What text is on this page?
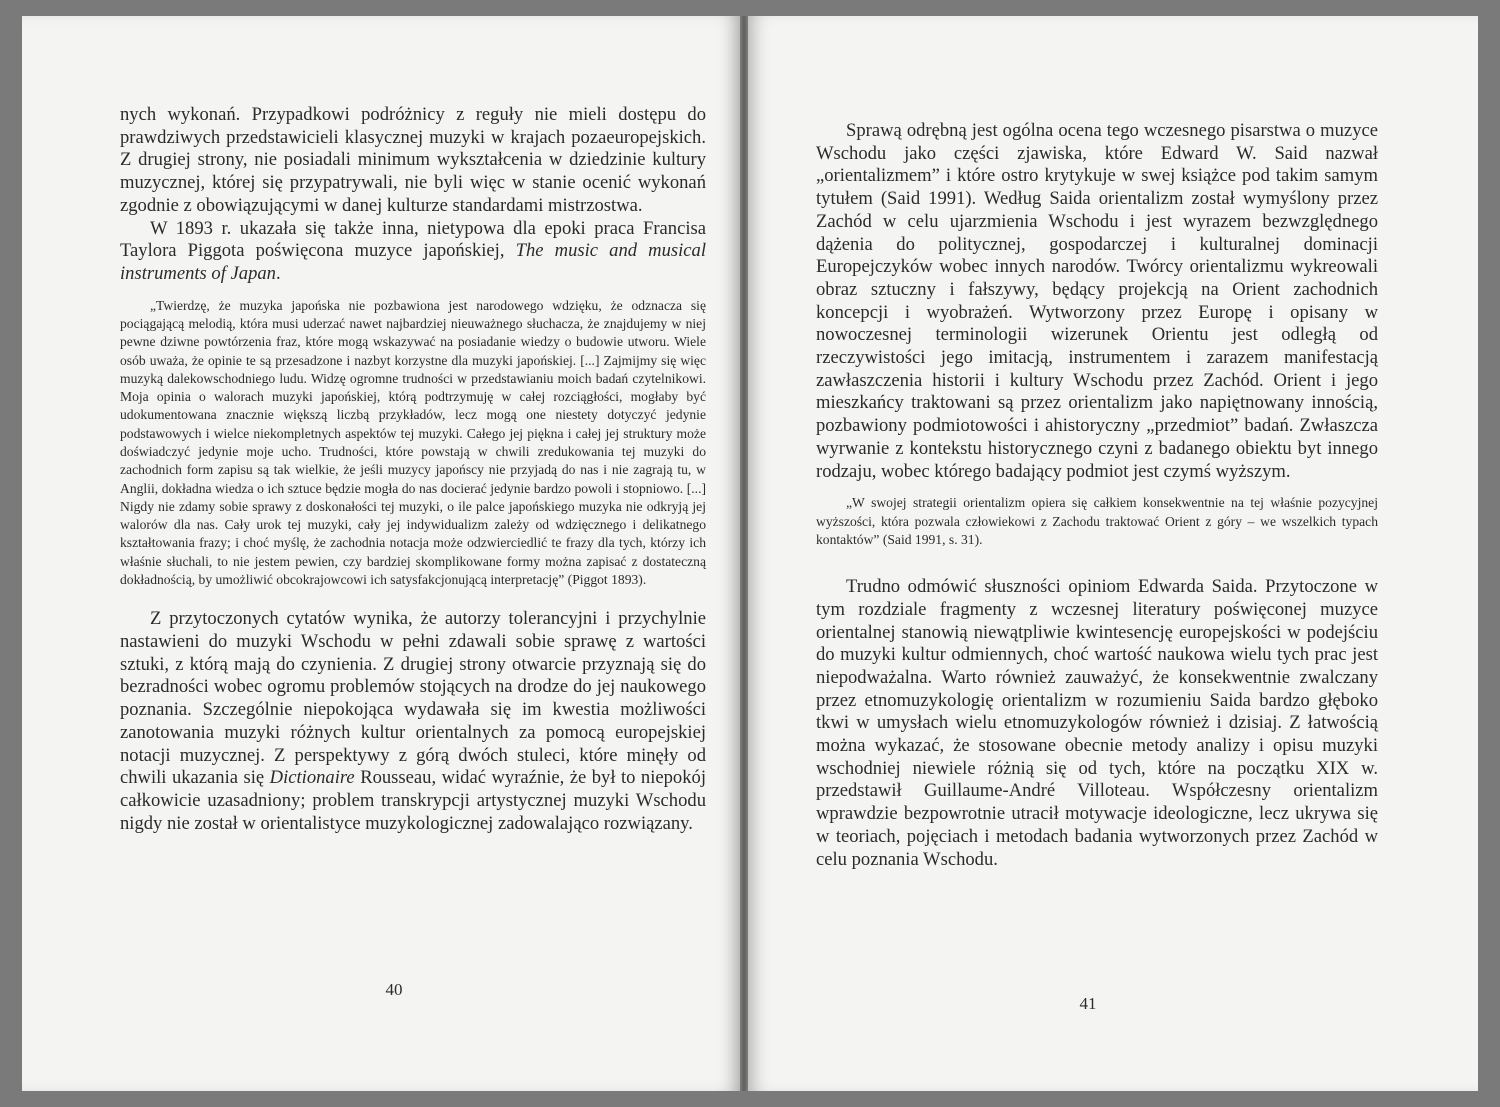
nych wykonań. Przypadkowi podróżnicy z reguły nie mieli dostępu do prawdziwych przedstawicieli klasycznej muzyki w krajach pozaeuropejskich. Z drugiej strony, nie posiadali minimum wykształcenia w dziedzinie kultury muzycznej, której się przypatrywali, nie byli więc w stanie ocenić wykonań zgodnie z obowiązującymi w danej kulturze standardami mistrzostwa.

W 1893 r. ukazała się także inna, nietypowa dla epoki praca Francisa Taylora Piggota poświęcona muzyce japońskiej, The music and musical instruments of Japan.

„Twierdzę, że muzyka japońska nie pozbawiona jest narodowego wdzięku, że odznacza się pociągającą melodią, która musi uderzać nawet najbardziej nieuważnego słuchacza, że znajdujemy w niej pewne dziwne powtórzenia fraz, które mogą wskazywać na posiadanie wiedzy o budowie utworu. Wiele osób uważa, że opinie te są przesadzone i nazbyt korzystne dla muzyki japońskiej. [...] Zajmijmy się więc muzyką dalekowschodniego ludu. Widzę ogromne trudności w przedstawianiu moich badań czytelnikowi. Moja opinia o walorach muzyki japońskiej, którą podtrzymuję w całej rozciągłości, mogłaby być udokumentowana znacznie większą liczbą przykładów, lecz mogą one niestety dotyczyć jedynie podstawowych i wielce niekompletnych aspektów tej muzyki. Całego jej piękna i całej jej struktury może doświadczyć jedynie moje ucho. Trudności, które powstają w chwili zredukowania tej muzyki do zachodnich form zapisu są tak wielkie, że jeśli muzycy japońscy nie przyjadą do nas i nie zagrają tu, w Anglii, dokładna wiedza o ich sztuce będzie mogła do nas docierać jedynie bardzo powoli i stopniowo. [...] Nigdy nie zdamy sobie sprawy z doskonałości tej muzyki, o ile palce japońskiego muzyka nie odkryją jej walorów dla nas. Cały urok tej muzyki, cały jej indywidualizm zależy od wdzięcznego i delikatnego kształtowania frazy; i choć myślę, że zachodnia notacja może odzwierciedlić te frazy dla tych, którzy ich właśnie słuchali, to nie jestem pewien, czy bardziej skomplikowane formy można zapisać z dostateczną dokładnością, by umożliwić obcokrajowcowi ich satysfakcjonującą interpretację” (Piggot 1893).

Z przytoczonych cytatów wynika, że autorzy tolerancyjni i przychylnie nastawieni do muzyki Wschodu w pełni zdawali sobie sprawę z wartości sztuki, z którą mają do czynienia. Z drugiej strony otwarcie przyznają się do bezradności wobec ogromu problemów stojących na drodze do jej naukowego poznania. Szczególnie niepokojąca wydawała się im kwestia możliwości zanotowania muzyki różnych kultur orientalnych za pomocą europejskiej notacji muzycznej. Z perspektywy z górą dwóch stuleci, które minęły od chwili ukazania się Dictionaire Rousseau, widać wyraźnie, że był to niepokój całkowicie uzasadniony; problem transkrypcji artystycznej muzyki Wschodu nigdy nie został w orientalistyce muzykologicznej zadowalająco rozwiązany.

40

Sprawą odrębną jest ogólna ocena tego wczesnego pisarstwa o muzyce Wschodu jako części zjawiska, które Edward W. Said nazwał „orientalizmem” i które ostro krytykuje w swej książce pod takim samym tytułem (Said 1991). Według Saida orientalizm został wymyślony przez Zachód w celu ujarzmienia Wschodu i jest wyrazem bezwzględnego dążenia do politycznej, gospodarczej i kulturalnej dominacji Europejczyków wobec innych narodów. Twórcy orientalizmu wykreowali obraz sztuczny i fałszywy, będący projekcją na Orient zachodnich koncepcji i wyobrażeń. Wytworzony przez Europę i opisany w nowoczesnej terminologii wizerunek Orientu jest odległą od rzeczywistości jego imitacją, instrumentem i zarazem manifestacją zawłaszczenia historii i kultury Wschodu przez Zachód. Orient i jego mieszkańcy traktowani są przez orientalizm jako napiętnowany innością, pozbawiony podmiotowości i ahistoryczny „przedmiot” badań. Zwłaszcza wyrwanie z kontekstu historycznego czyni z badanego obiektu byt innego rodzaju, wobec którego badający podmiot jest czymś wyższym.

„W swojej strategii orientalizm opiera się całkiem konsekwentnie na tej właśnie pozycyjnej wyższości, która pozwala człowiekowi z Zachodu traktować Orient z góry – we wszelkich typach kontaktów” (Said 1991, s. 31).

Trudno odmówić słuszności opiniom Edwarda Saida. Przytoczone w tym rozdziale fragmenty z wczesnej literatury poświęconej muzyce orientalnej stanowią niewątpliwie kwintesencję europejskości w podejściu do muzyki kultur odmiennych, choć wartość naukowa wielu tych prac jest niepodważalna. Warto również zauważyć, że konsekwentnie zwalczany przez etnomuzykologię orientalizm w rozumieniu Saida bardzo głęboko tkwi w umysłach wielu etnomuzykologów również i dzisiaj. Z łatwością można wykazać, że stosowane obecnie metody analizy i opisu muzyki wschodniej niewiele różnią się od tych, które na początku XIX w. przedstawił Guillaume-André Villoteau. Współczesny orientalizm wprawdzie bezpowrotnie utracił motywacje ideologiczne, lecz ukrywa się w teoriach, pojęciach i metodach badania wytworzonych przez Zachód w celu poznania Wschodu.

41
